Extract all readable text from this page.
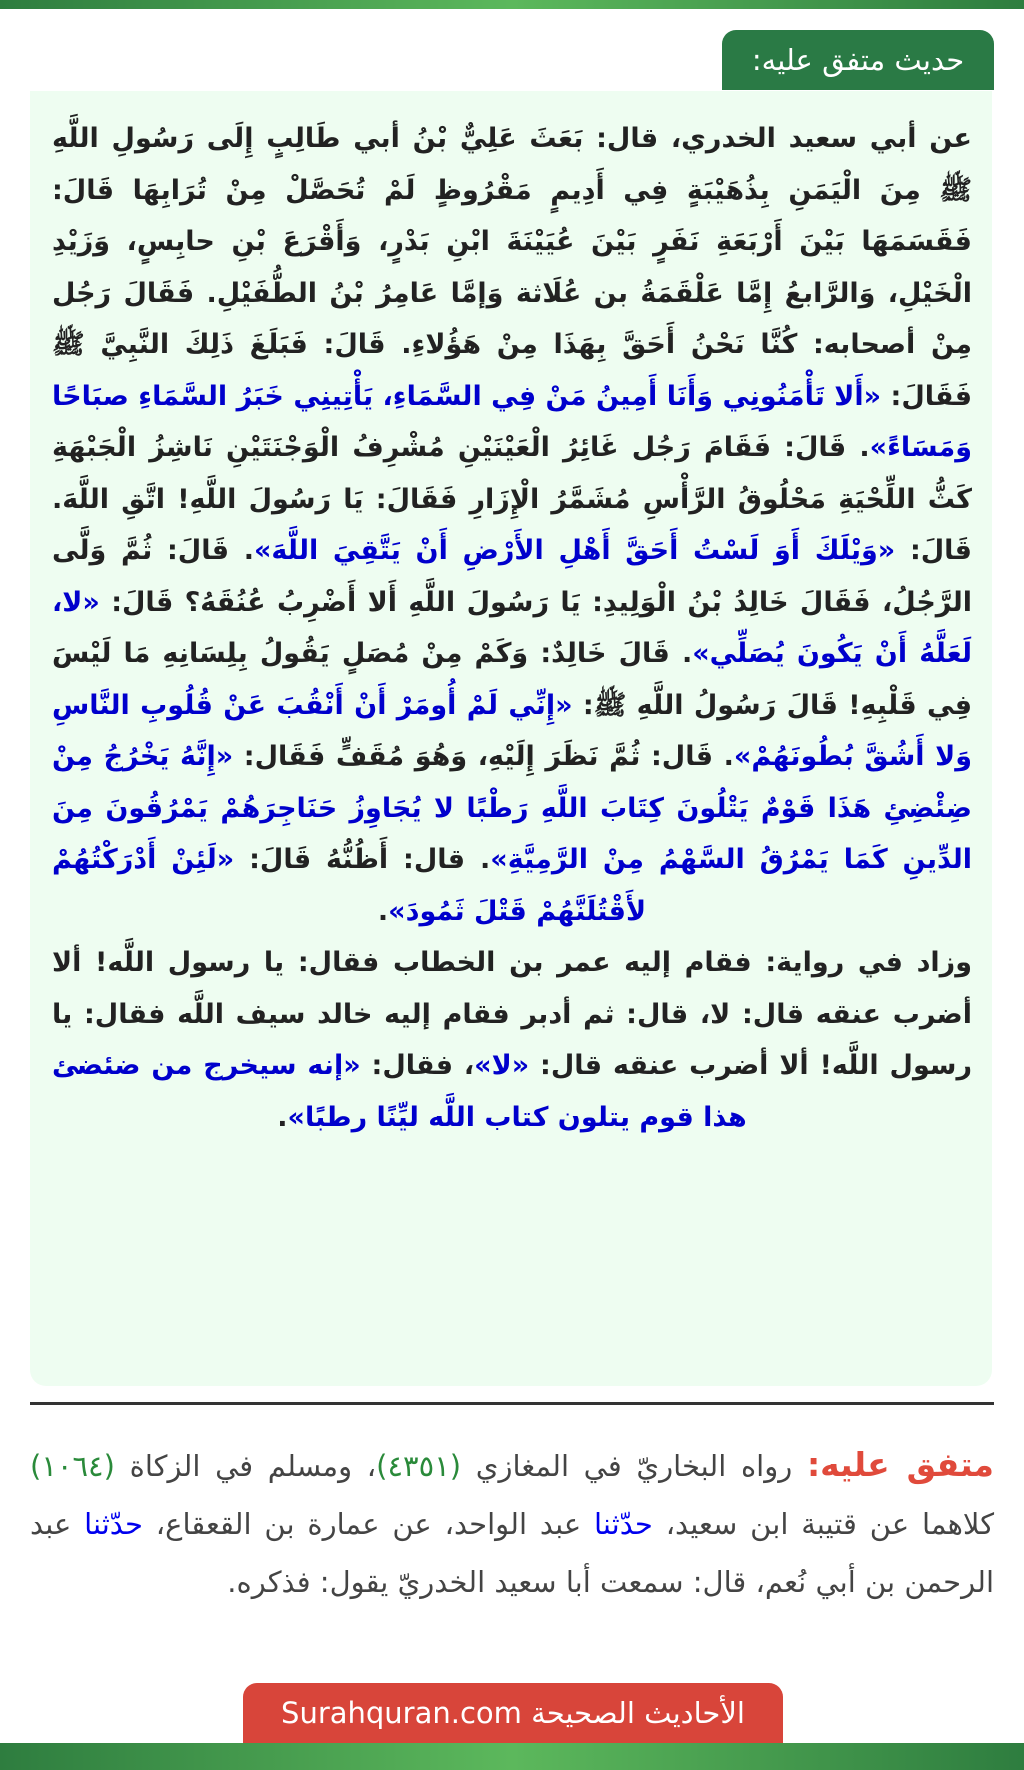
حديث متفق عليه:

عن أبي سعيد الخدري، قال: بَعَثَ عَلِيٌّ بْنُ أبي طَالِبٍ إِلَى رَسُولِ اللَّهِ ﷺ مِنَ الْيَمَنِ بِذُهَيْبَةٍ فِي أَدِيمٍ مَقْرُوظٍ لَمْ تُحَصَّلْ مِنْ تُرَابِهَا قَالَ: فَقَسَمَهَا بَيْنَ أَرْبَعَةِ نَفَرٍ بَيْنَ عُيَيْنَةَ ابْنِ بَدْرٍ، وَأَقْرَعَ بْنِ حابِسٍ، وَزَيْدِ الْخَيْلِ، وَالرَّابعُ إِمَّا عَلْقَمَةُ بن عُلَاثة وَإمَّا عَامِرُ بْنُ الطُّفَيْلِ. فَقَالَ رَجُل مِنْ أصحابه: كُنَّا نَحْنُ أَحَقَّ بِهَذَا مِنْ هَؤُلاءِ. قَالَ: فَبَلَغَ ذَلِكَ النَّبِيَّ ﷺ فَقَالَ: «أَلا تَأْمَنُونِي وَأَنَا أَمِينُ مَنْ فِي السَّمَاءِ، يَأْتِينِي خَبَرُ السَّمَاءِ صبَاحًا وَمَسَاءً». قَالَ: فَقَامَ رَجُل غَائِرُ الْعَيْنَيْنِ مُشْرِفُ الْوَجْنَتَيْنِ نَاشِزُ الْجَبْهَةِ كَثُّ اللِّحْيَةِ مَحْلُوقُ الرَّأْسِ مُشَمَّرُ الْإِزَارِ فَقَالَ: يَا رَسُولَ اللَّهِ! اتَّقِ اللَّهَ. قَالَ: «وَيْلَكَ أَوَ لَسْتُ أَحَقَّ أَهْلِ الأَرْضِ أَنْ يَتَّقِيَ اللَّهَ». قَالَ: ثُمَّ وَلَّى الرَّجُلُ، فَقَالَ خَالِدُ بْنُ الْوَلِيدِ: يَا رَسُولَ اللَّهِ أَلا أَضْرِبُ عُنُقَهُ؟ قَالَ: «لا، لَعَلَّهُ أَنْ يَكُونَ يُصَلِّي». قَالَ خَالِدٌ: وَكَمْ مِنْ مُصَلٍ يَقُولُ بِلِسَانِهِ مَا لَيْسَ فِي قَلْبِهِ! قَالَ رَسُولُ اللَّهِ ﷺ: «إِنِّي لَمْ أُومَرْ أَنْ أَنْقُبَ عَنْ قُلُوبِ النَّاسِ وَلا أَشُقَّ بُطُونَهُمْ». قَال: ثُمَّ نَظَرَ إِلَيْهِ، وَهُوَ مُقَفٍّ فَقَال: «إِنَّهُ يَخْرُجُ مِنْ ضِئْضِئِ هَذَا قَوْمٌ يَتْلُونَ كِتَابَ اللَّهِ رَطْبًا لا يُجَاوِزُ حَنَاجِرَهُمْ يَمْرُقُونَ مِنَ الدِّينِ كَمَا يَمْرُقُ السَّهْمُ مِنْ الرَّمِيَّةِ». قال: أَظُنُّهُ قَالَ: «لَئِنْ أَدْرَكْتُهُمْ لأَقْتُلَنَّهُمْ قَتْلَ ثَمُودَ».

وزاد في رواية: فقام إليه عمر بن الخطاب فقال: يا رسول اللَّه! ألا أضرب عنقه قال: لا، قال: ثم أدبر فقام إليه خالد سيف اللَّه فقال: يا رسول اللَّه! ألا أضرب عنقه قال: «لا»، فقال: «إنه سيخرج من ضئضئ هذا قوم يتلون كتاب اللَّه ليِّنًا رطبًا».

متفق عليه: رواه البخاريّ في المغازي (٤٣٥١)، ومسلم في الزكاة (١٠٦٤) كلاهما عن قتيبة ابن سعيد، حدّثنا عبد الواحد، عن عمارة بن القعقاع، حدّثنا عبد الرحمن بن أبي نُعم، قال: سمعت أبا سعيد الخدريّ يقول: فذكره.
الأحاديث الصحيحة Surahquran.com
